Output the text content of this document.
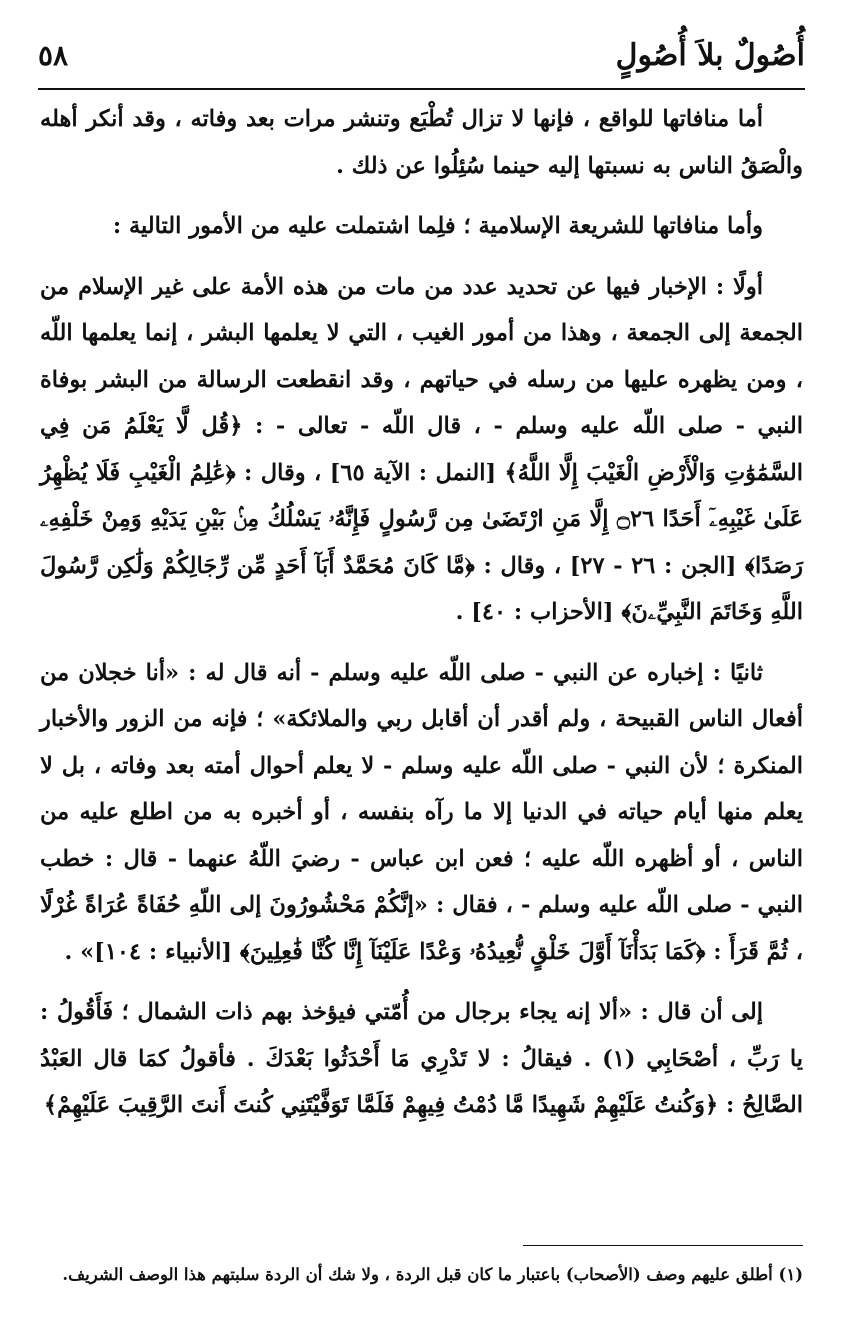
أُصُولٌ بلاَ أُصُولٍ
٥٨

أما منافاتها للواقع ، فإنها لا تزال تُطْبَع وتنشر مرات بعد وفاته ، وقد أنكر أهله والْصَقُ الناس به نسبتها إليه حينما سُئِلُوا عن ذلك .

وأما منافاتها للشريعة الإسلامية ؛ فلِما اشتملت عليه من الأمور التالية :

أولًا : الإخبار فيها عن تحديد عدد من مات من هذه الأمة على غير الإسلام من الجمعة إلى الجمعة ، وهذا من أمور الغيب ، التي لا يعلمها البشر ، إنما يعلمها اللّه ، ومن يظهره عليها من رسله في حياتهم ، وقد انقطعت الرسالة من البشر بوفاة النبي - صلى اللّه عليه وسلم - ، قال اللّه - تعالى - : ﴿قُل لَّا يَعْلَمُ مَن فِي السَّمَٰوَٰتِ وَالْأَرْضِ الْغَيْبَ إِلَّا اللَّهُ﴾ [النمل : الآية ٦٥] ، وقال : ﴿عَٰلِمُ الْغَيْبِ فَلَا يُظْهِرُ عَلَىٰ غَيْبِهِۦٓ أَحَدًا ۝٢٦ إِلَّا مَنِ ارْتَضَىٰ مِن رَّسُولٍ فَإِنَّهُۥ يَسْلُكُ مِنۢ بَيْنِ يَدَيْهِ وَمِنْ خَلْفِهِۦ رَصَدًا﴾ [الجن : ٢٦ - ٢٧] ، وقال : ﴿مَّا كَانَ مُحَمَّدٌ أَبَآ أَحَدٍ مِّن رِّجَالِكُمْ وَلَٰكِن رَّسُولَ اللَّهِ وَخَاتَمَ النَّبِيِّۦنَ﴾ [الأحزاب : ٤٠] .

ثانيًا : إخباره عن النبي - صلى اللّه عليه وسلم - أنه قال له : «أنا خجلان من أفعال الناس القبيحة ، ولم أقدر أن أقابل ربي والملائكة» ؛ فإنه من الزور والأخبار المنكرة ؛ لأن النبي - صلى اللّه عليه وسلم - لا يعلم أحوال أمته بعد وفاته ، بل لا يعلم منها أيام حياته في الدنيا إلا ما رآه بنفسه ، أو أخبره به من اطلع عليه من الناس ، أو أظهره اللّه عليه ؛ فعن ابن عباس - رضيَ اللّهُ عنهما - قال : خطب النبي - صلى اللّه عليه وسلم - ، فقال : «إنَّكُمْ مَحْشُورُونَ إلى اللّهِ حُفَاةً عُرَاةً غُرْلًا ، ثُمَّ قَرَأَ : ﴿كَمَا بَدَأْنَآ أَوَّلَ خَلْقٍ نُّعِيدُهُۥ وَعْدًا عَلَيْنَآ إِنَّا كُنَّا فَٰعِلِينَ﴾ [الأنبياء : ١٠٤]» .

إلى أن قال : «ألا إنه يجاء برجال من أُمّتي فيؤخذ بهم ذات الشمال ؛ فَأَقُولُ : يا رَبِّ ، أصْحَابِي (١) . فيقالُ : لا تَدْرِي مَا أَحْدَثُوا بَعْدَكَ . فأقولُ كمَا قال العَبْدُ الصَّالِحُ : ﴿وَكُنتُ عَلَيْهِمْ شَهِيدًا مَّا دُمْتُ فِيهِمْ فَلَمَّا تَوَفَّيْتَنِي كُنتَ أَنتَ الرَّقِيبَ عَلَيْهِمْ﴾

(١) أطلق عليهم وصف (الأصحاب) باعتبار ما كان قبل الردة ، ولا شك أن الردة سلبتهم هذا الوصف الشريف.
